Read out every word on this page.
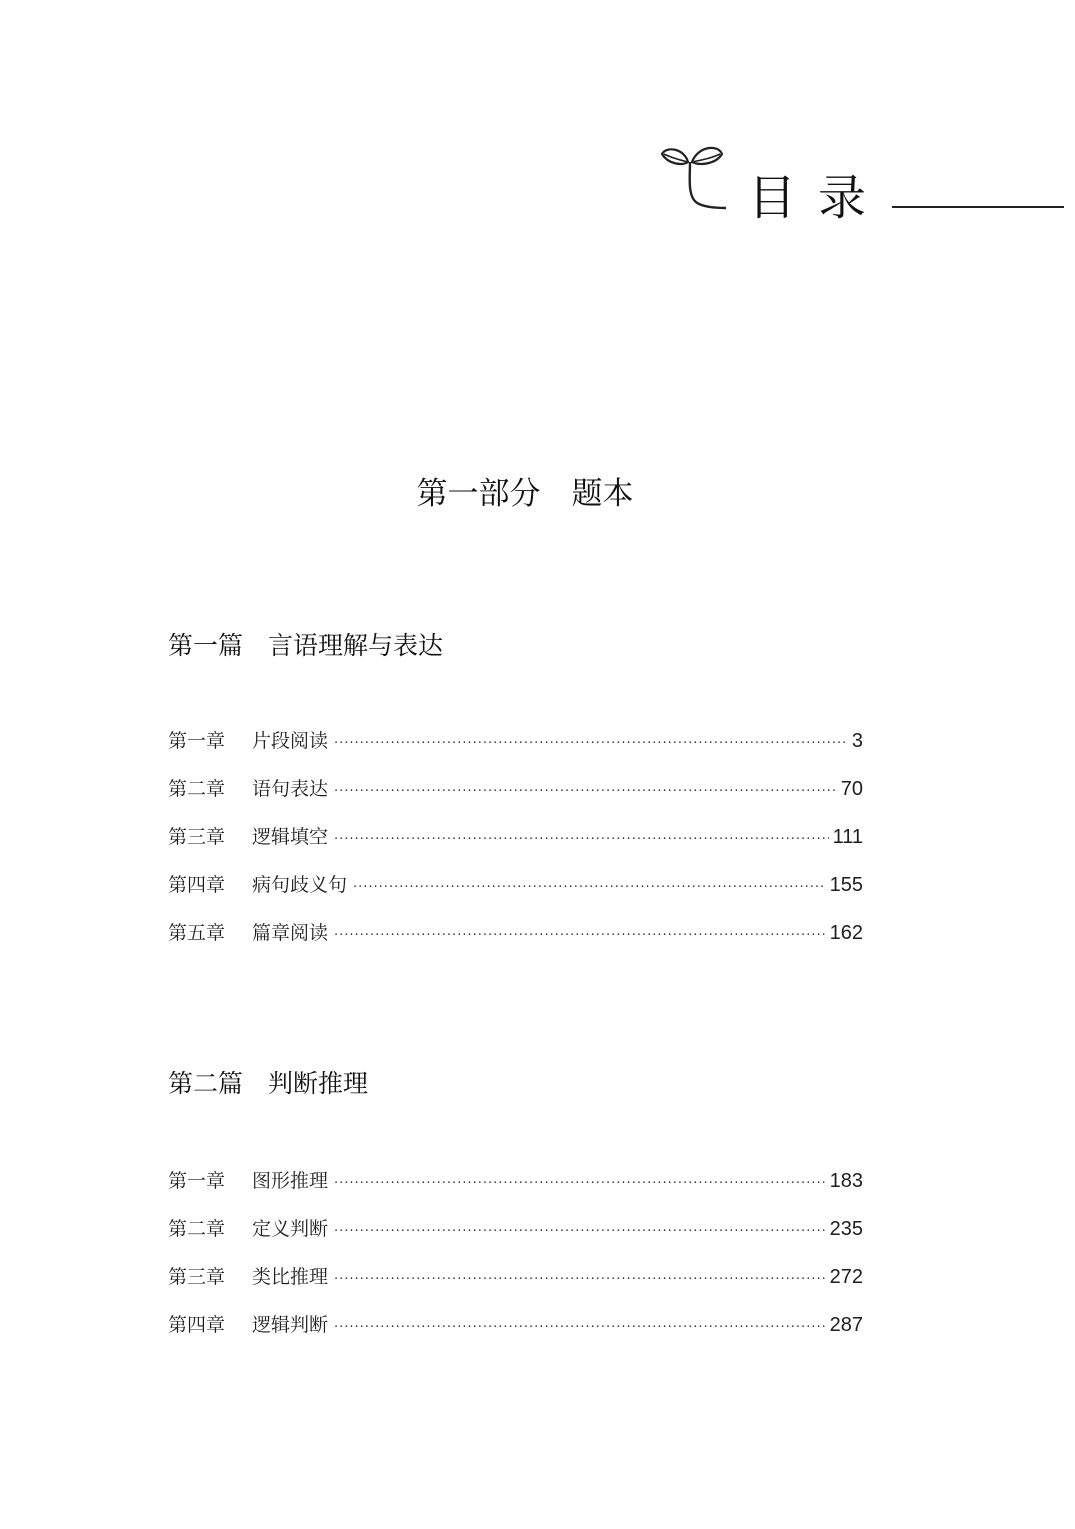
目录
第一部分　题本
第一篇　言语理解与表达
第一章	片段阅读 ·····	3
第二章	语句表达 ·····	70
第三章	逻辑填空 ·····	111
第四章	病句歧义句 ·····	155
第五章	篇章阅读 ·····	162
第二篇　判断推理
第一章	图形推理 ·····	183
第二章	定义判断 ·····	235
第三章	类比推理 ·····	272
第四章	逻辑判断 ·····	287
